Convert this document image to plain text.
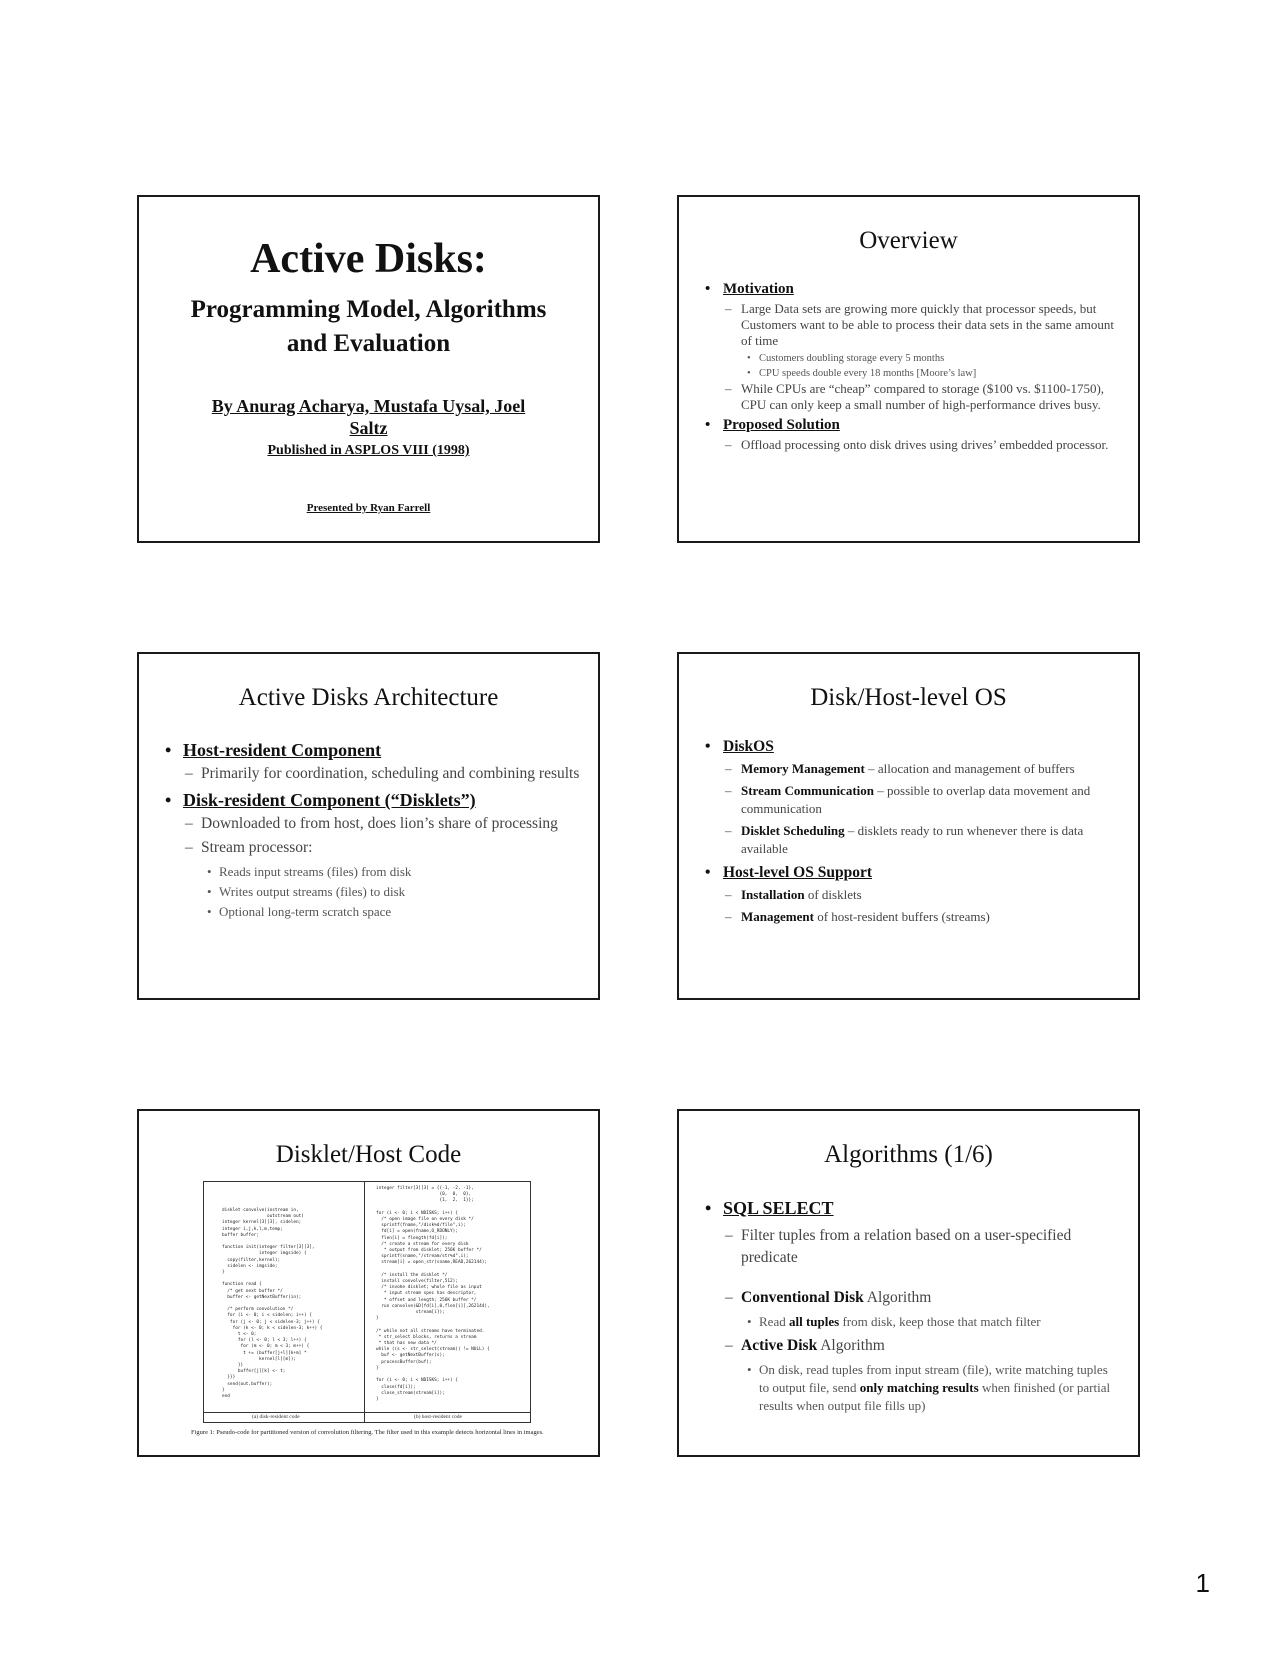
Active Disks:
Programming Model, Algorithms
and Evaluation
By Anurag Acharya, Mustafa Uysal, Joel
Saltz
Published in ASPLOS VIII (1998)
Presented by Ryan Farrell
Overview
• Motivation
– Large Data sets are growing more quickly that processor speeds, but Customers want to be able to process their data sets in the same amount of time
• Customers doubling storage every 5 months
• CPU speeds double every 18 months [Moore’s law]
– While CPUs are “cheap” compared to storage ($100 vs. $1100-1750), CPU can only keep a small number of high-performance drives busy.
• Proposed Solution
– Offload processing onto disk drives using drives’ embedded processor.
Active Disks Architecture
• Host-resident Component
– Primarily for coordination, scheduling and combining results
• Disk-resident Component (“Disklets”)
– Downloaded to from host, does lion’s share of processing
– Stream processor:
• Reads input streams (files) from disk
• Writes output streams (files) to disk
• Optional long-term scratch space
Disk/Host-level OS
• DiskOS
– Memory Management – allocation and management of buffers
– Stream Communication – possible to overlap data movement and communication
– Disklet Scheduling – disklets ready to run whenever there is data available
• Host-level OS Support
– Installation of disklets
– Management of host-resident buffers (streams)
Disklet/Host Code
disklet convolve(instream in,
outstream out)
integer kernel[3][3], sidelen;
integer i,j,k,l,m,temp;
buffer buffer;

function init(integer filter[3][3],
integer imgside) {
copy(filter,kernel);
sidelen <- imgside;
}

function read {
/* get next buffer */
buffer <- getNextBuffer(in);

/* perform convolution */
for (i <- 0; i < sidelen; i++) {
for (j <- 0; j < sidelen-3; j++) {
for (k <- 0; k < sidelen-3; k++) {
t <- 0;
for (l <- 0; l < 3; l++) {
for (m <- 0; m < 3; m++) {
t += (buffer[j+l][k+m] *
kernel[l][m]);
}}
buffer[j][k] <- t;
}}}
send(out,buffer);
}
end
integer filter[3][3] = {{-1, -2, -1},
{0,  0,  0},
{1,  2,  1}};

for (i <- 0; i < NDISKS; i++) {
/* open image file on every disk */
sprintf(fname,"/disk%d/file",i);
fd[i] = open(fname,O_RDONLY);
flen[i] = flength(fd[i]);
/* create a stream for every disk
* output from disklet; 256K buffer */
sprintf(sname,"/stream/str%d",i);
stream[i] = open_str(sname,READ,262144);

/* install the disklet */
install convolve(filter,512);
/* invoke disklet; whole file as input
* input stream spec has descriptor,
* offset and length; 256K buffer */
run convolve(&D[fd[i],0,flen[i]],262144),
stream[i]);
}

/* while not all streams have terminated.
* str_select blocks, returns a stream
* that has new data */
while ((s <- str_select(stream)) != NULL) {
buf <- getNextBuffer(s);
processBuffer(buf);
}

for (i <- 0; i < NDISKS; i++) {
close(fd[i]);
close_stream(stream[i]);
}
(a) disk-resident code	(b) host-resident code
Figure 1: Pseudo-code for partitioned version of convolution filtering. The filter used in this example detects horizontal lines in images.
Algorithms (1/6)
• SQL SELECT
– Filter tuples from a relation based on a user-specified predicate
– Conventional Disk Algorithm
• Read all tuples from disk, keep those that match filter
– Active Disk Algorithm
• On disk, read tuples from input stream (file), write matching tuples to output file, send only matching results when finished (or partial results when output file fills up)
1
